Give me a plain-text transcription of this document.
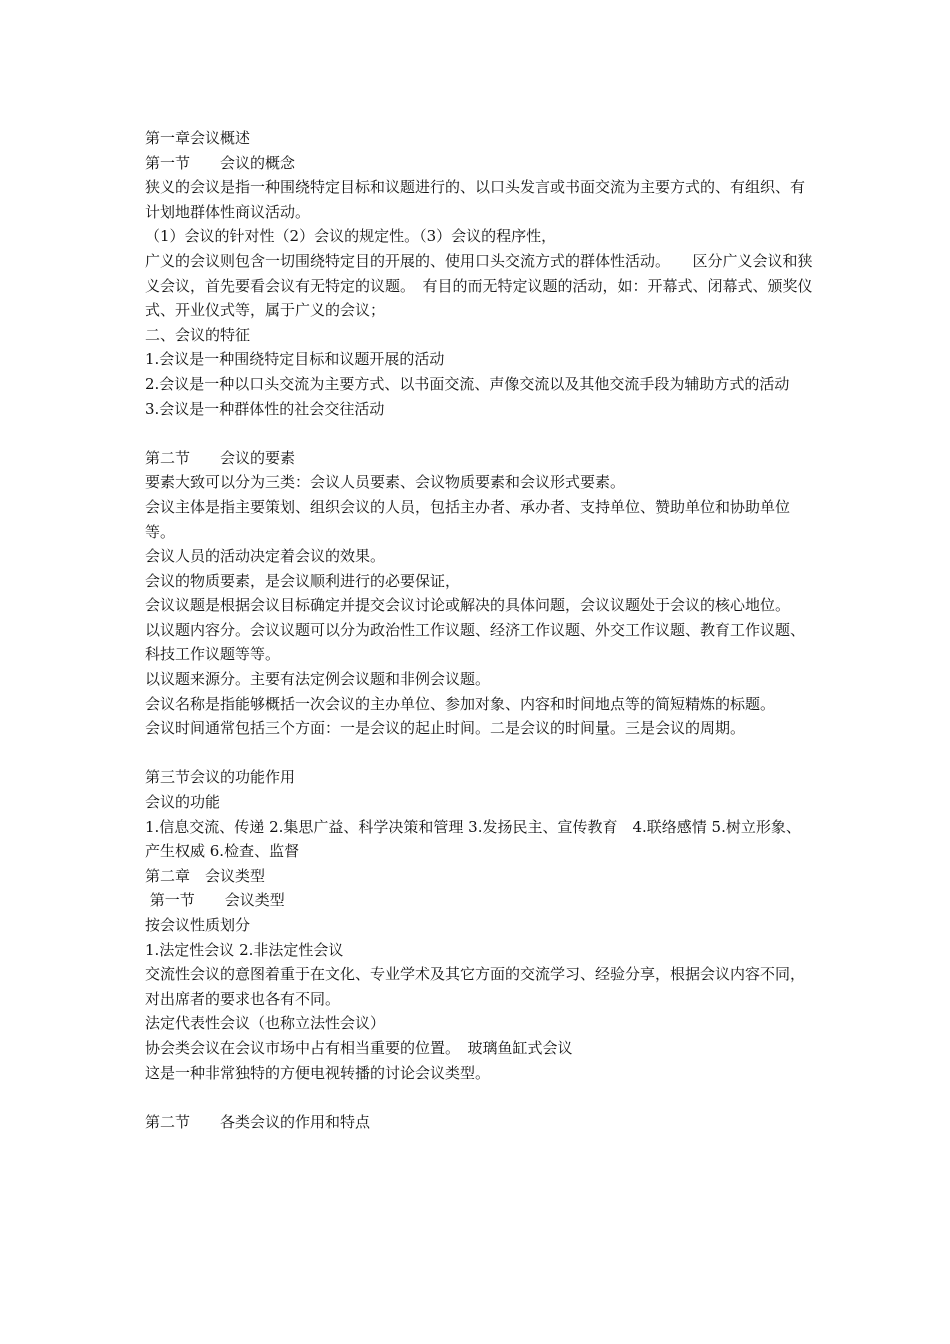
第一章会议概述

第一节　　会议的概念

狭义的会议是指一种围绕特定目标和议题进行的、以口头发言或书面交流为主要方式的、有组织、有计划地群体性商议活动。

（1）会议的针对性（2）会议的规定性。（3）会议的程序性，

广义的会议则包含一切围绕特定目的开展的、使用口头交流方式的群体性活动。　　区分广义会议和狭义会议，首先要看会议有无特定的议题。　有目的而无特定议题的活动，如：开幕式、闭幕式、颁奖仪式、开业仪式等，属于广义的会议；

二、会议的特征

1.会议是一种围绕特定目标和议题开展的活动

2.会议是一种以口头交流为主要方式、以书面交流、声像交流以及其他交流手段为辅助方式的活动

3.会议是一种群体性的社会交往活动

第二节　　会议的要素

要素大致可以分为三类：会议人员要素、会议物质要素和会议形式要素。

会议主体是指主要策划、组织会议的人员，包括主办者、承办者、支持单位、赞助单位和协助单位等。

会议人员的活动决定着会议的效果。

会议的物质要素，是会议顺利进行的必要保证，

会议议题是根据会议目标确定并提交会议讨论或解决的具体问题，会议议题处于会议的核心地位。

以议题内容分。会议议题可以分为政治性工作议题、经济工作议题、外交工作议题、教育工作议题、科技工作议题等等。

以议题来源分。主要有法定例会议题和非例会议题。

会议名称是指能够概括一次会议的主办单位、参加对象、内容和时间地点等的简短精炼的标题。

会议时间通常包括三个方面：一是会议的起止时间。二是会议的时间量。三是会议的周期。

第三节会议的功能作用

会议的功能

1.信息交流、传递 2.集思广益、科学决策和管理 3.发扬民主、宣传教育　4.联络感情 5.树立形象、产生权威 6.检查、监督

第二章　会议类型

第一节　　会议类型

按会议性质划分

1.法定性会议 2.非法定性会议

交流性会议的意图着重于在文化、专业学术及其它方面的交流学习、经验分享，根据会议内容不同，对出席者的要求也各有不同。

法定代表性会议（也称立法性会议）

协会类会议在会议市场中占有相当重要的位置。　玻璃鱼缸式会议

这是一种非常独特的方便电视转播的讨论会议类型。

第二节　　各类会议的作用和特点
